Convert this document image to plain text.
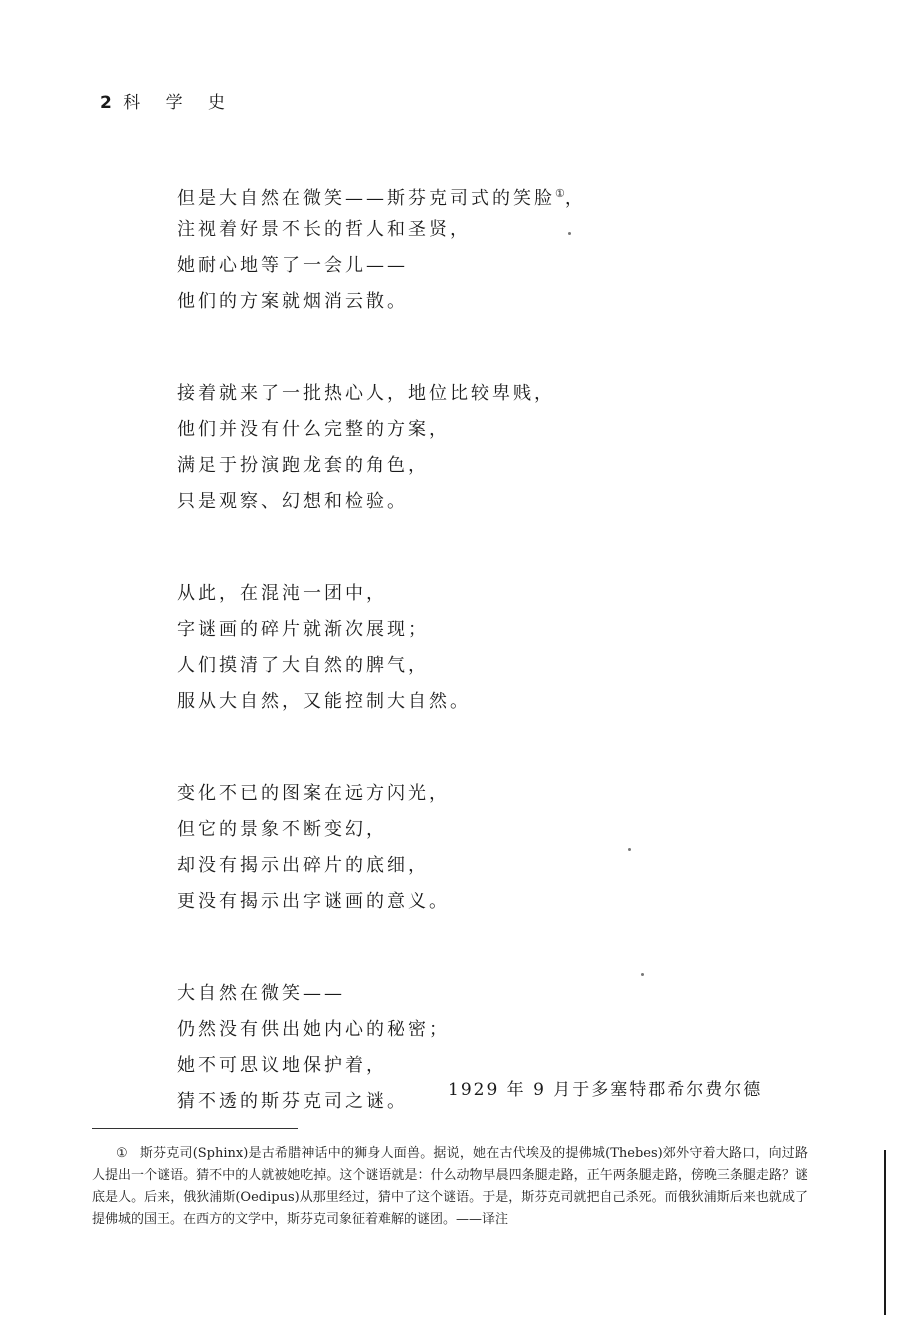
2 科 学 史
但是大自然在微笑——斯芬克司式的笑脸①，
注视着好景不长的哲人和圣贤，
她耐心地等了一会儿——
他们的方案就烟消云散。
接着就来了一批热心人，地位比较卑贱，
他们并没有什么完整的方案，
满足于扮演跑龙套的角色，
只是观察、幻想和检验。
从此，在混沌一团中，
字谜画的碎片就渐次展现；
人们摸清了大自然的脾气，
服从大自然，又能控制大自然。
变化不已的图案在远方闪光，
但它的景象不断变幻，
却没有揭示出碎片的底细，
更没有揭示出字谜画的意义。
大自然在微笑——
仍然没有供出她内心的秘密；
她不可思议地保护着，
猜不透的斯芬克司之谜。
1929 年 9 月于多塞特郡希尔费尔德
① 斯芬克司(Sphinx)是古希腊神话中的狮身人面兽。据说，她在古代埃及的提佛城(Thebes)郊外守着大路口，向过路人提出一个谜语。猜不中的人就被她吃掉。这个谜语就是：什么动物早晨四条腿走路，正午两条腿走路，傍晚三条腿走路？谜底是人。后来，俄狄浦斯(Oedipus)从那里经过，猜中了这个谜语。于是，斯芬克司就把自己杀死。而俄狄浦斯后来也就成了提佛城的国王。在西方的文学中，斯芬克司象征着难解的谜团。——译注
